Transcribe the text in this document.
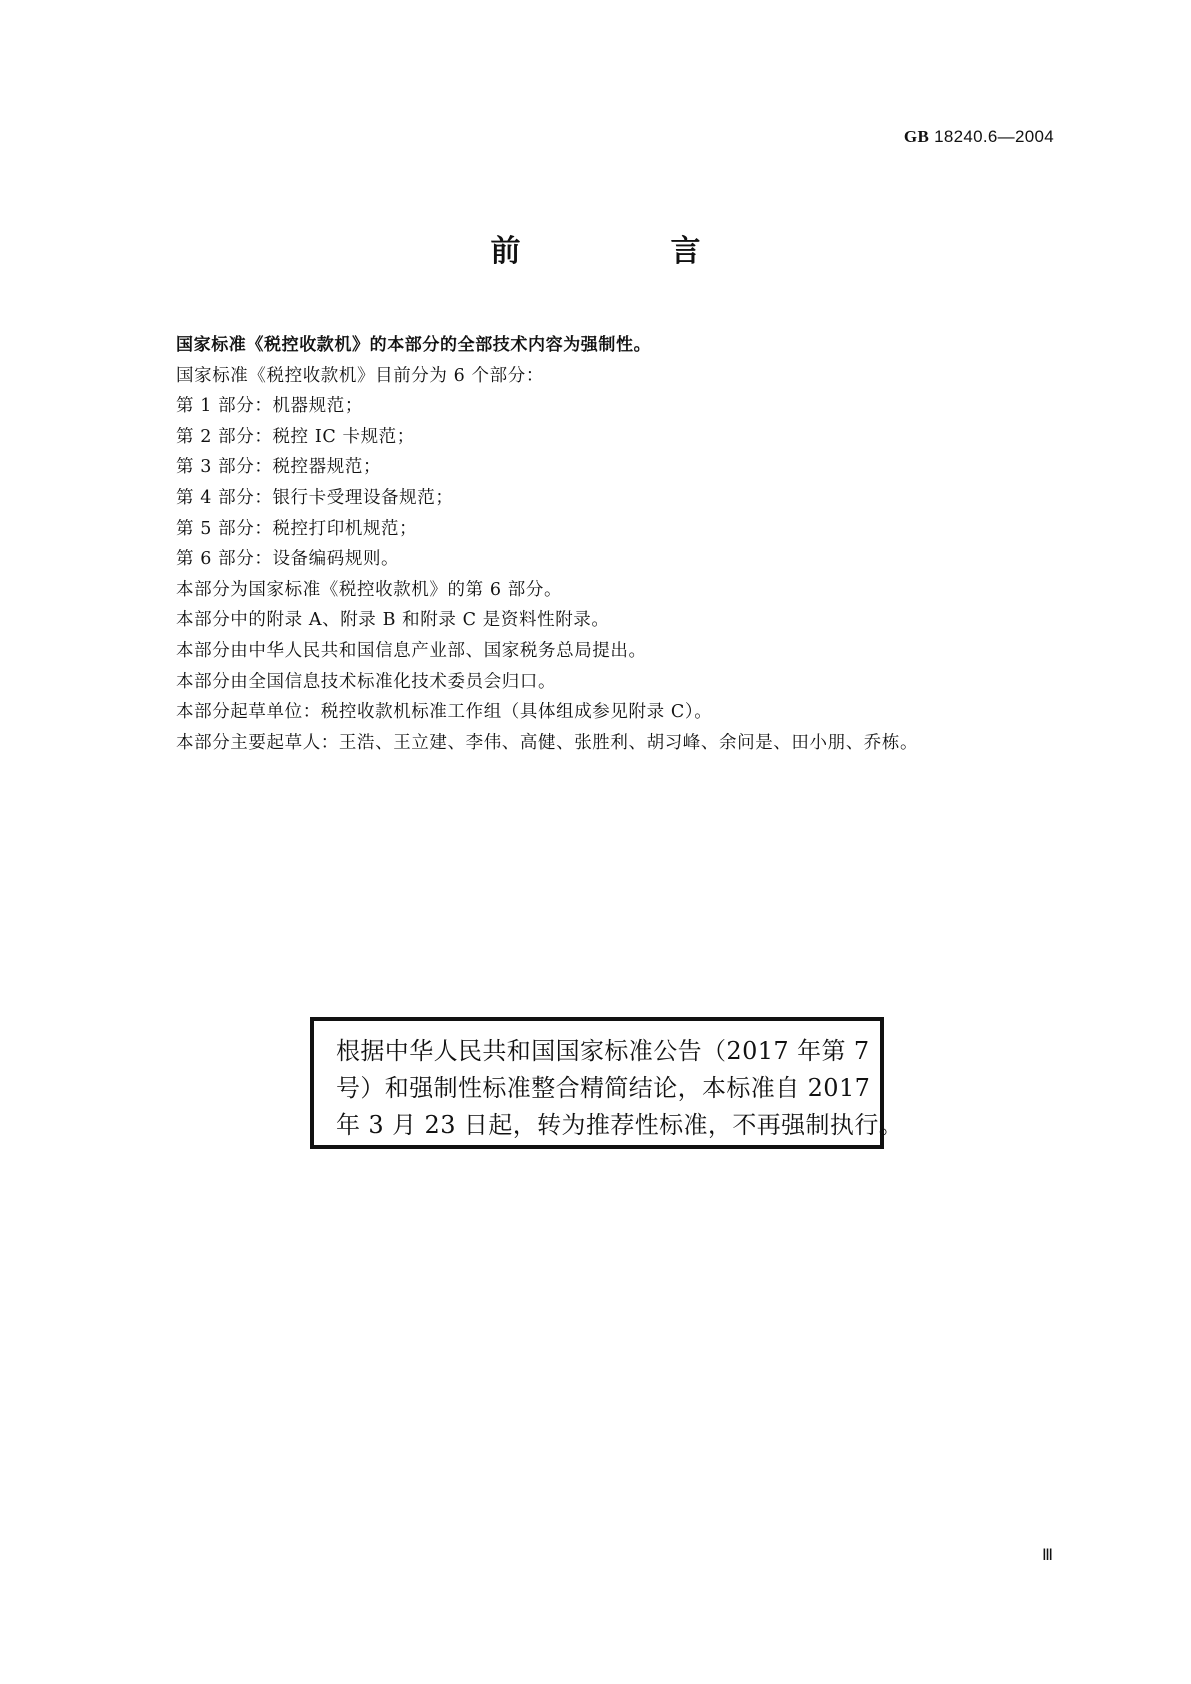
GB 18240.6—2004
前　言
国家标准《税控收款机》的本部分的全部技术内容为强制性。
国家标准《税控收款机》目前分为 6 个部分：
第 1 部分：机器规范；
第 2 部分：税控 IC 卡规范；
第 3 部分：税控器规范；
第 4 部分：银行卡受理设备规范；
第 5 部分：税控打印机规范；
第 6 部分：设备编码规则。
本部分为国家标准《税控收款机》的第 6 部分。
本部分中的附录 A、附录 B 和附录 C 是资料性附录。
本部分由中华人民共和国信息产业部、国家税务总局提出。
本部分由全国信息技术标准化技术委员会归口。
本部分起草单位：税控收款机标准工作组（具体组成参见附录 C）。
本部分主要起草人：王浩、王立建、李伟、高健、张胜利、胡习峰、余问是、田小朋、乔栋。
根据中华人民共和国国家标准公告（2017 年第 7
号）和强制性标准整合精简结论，本标准自 2017
年 3 月 23 日起，转为推荐性标准，不再强制执行。
Ⅲ
